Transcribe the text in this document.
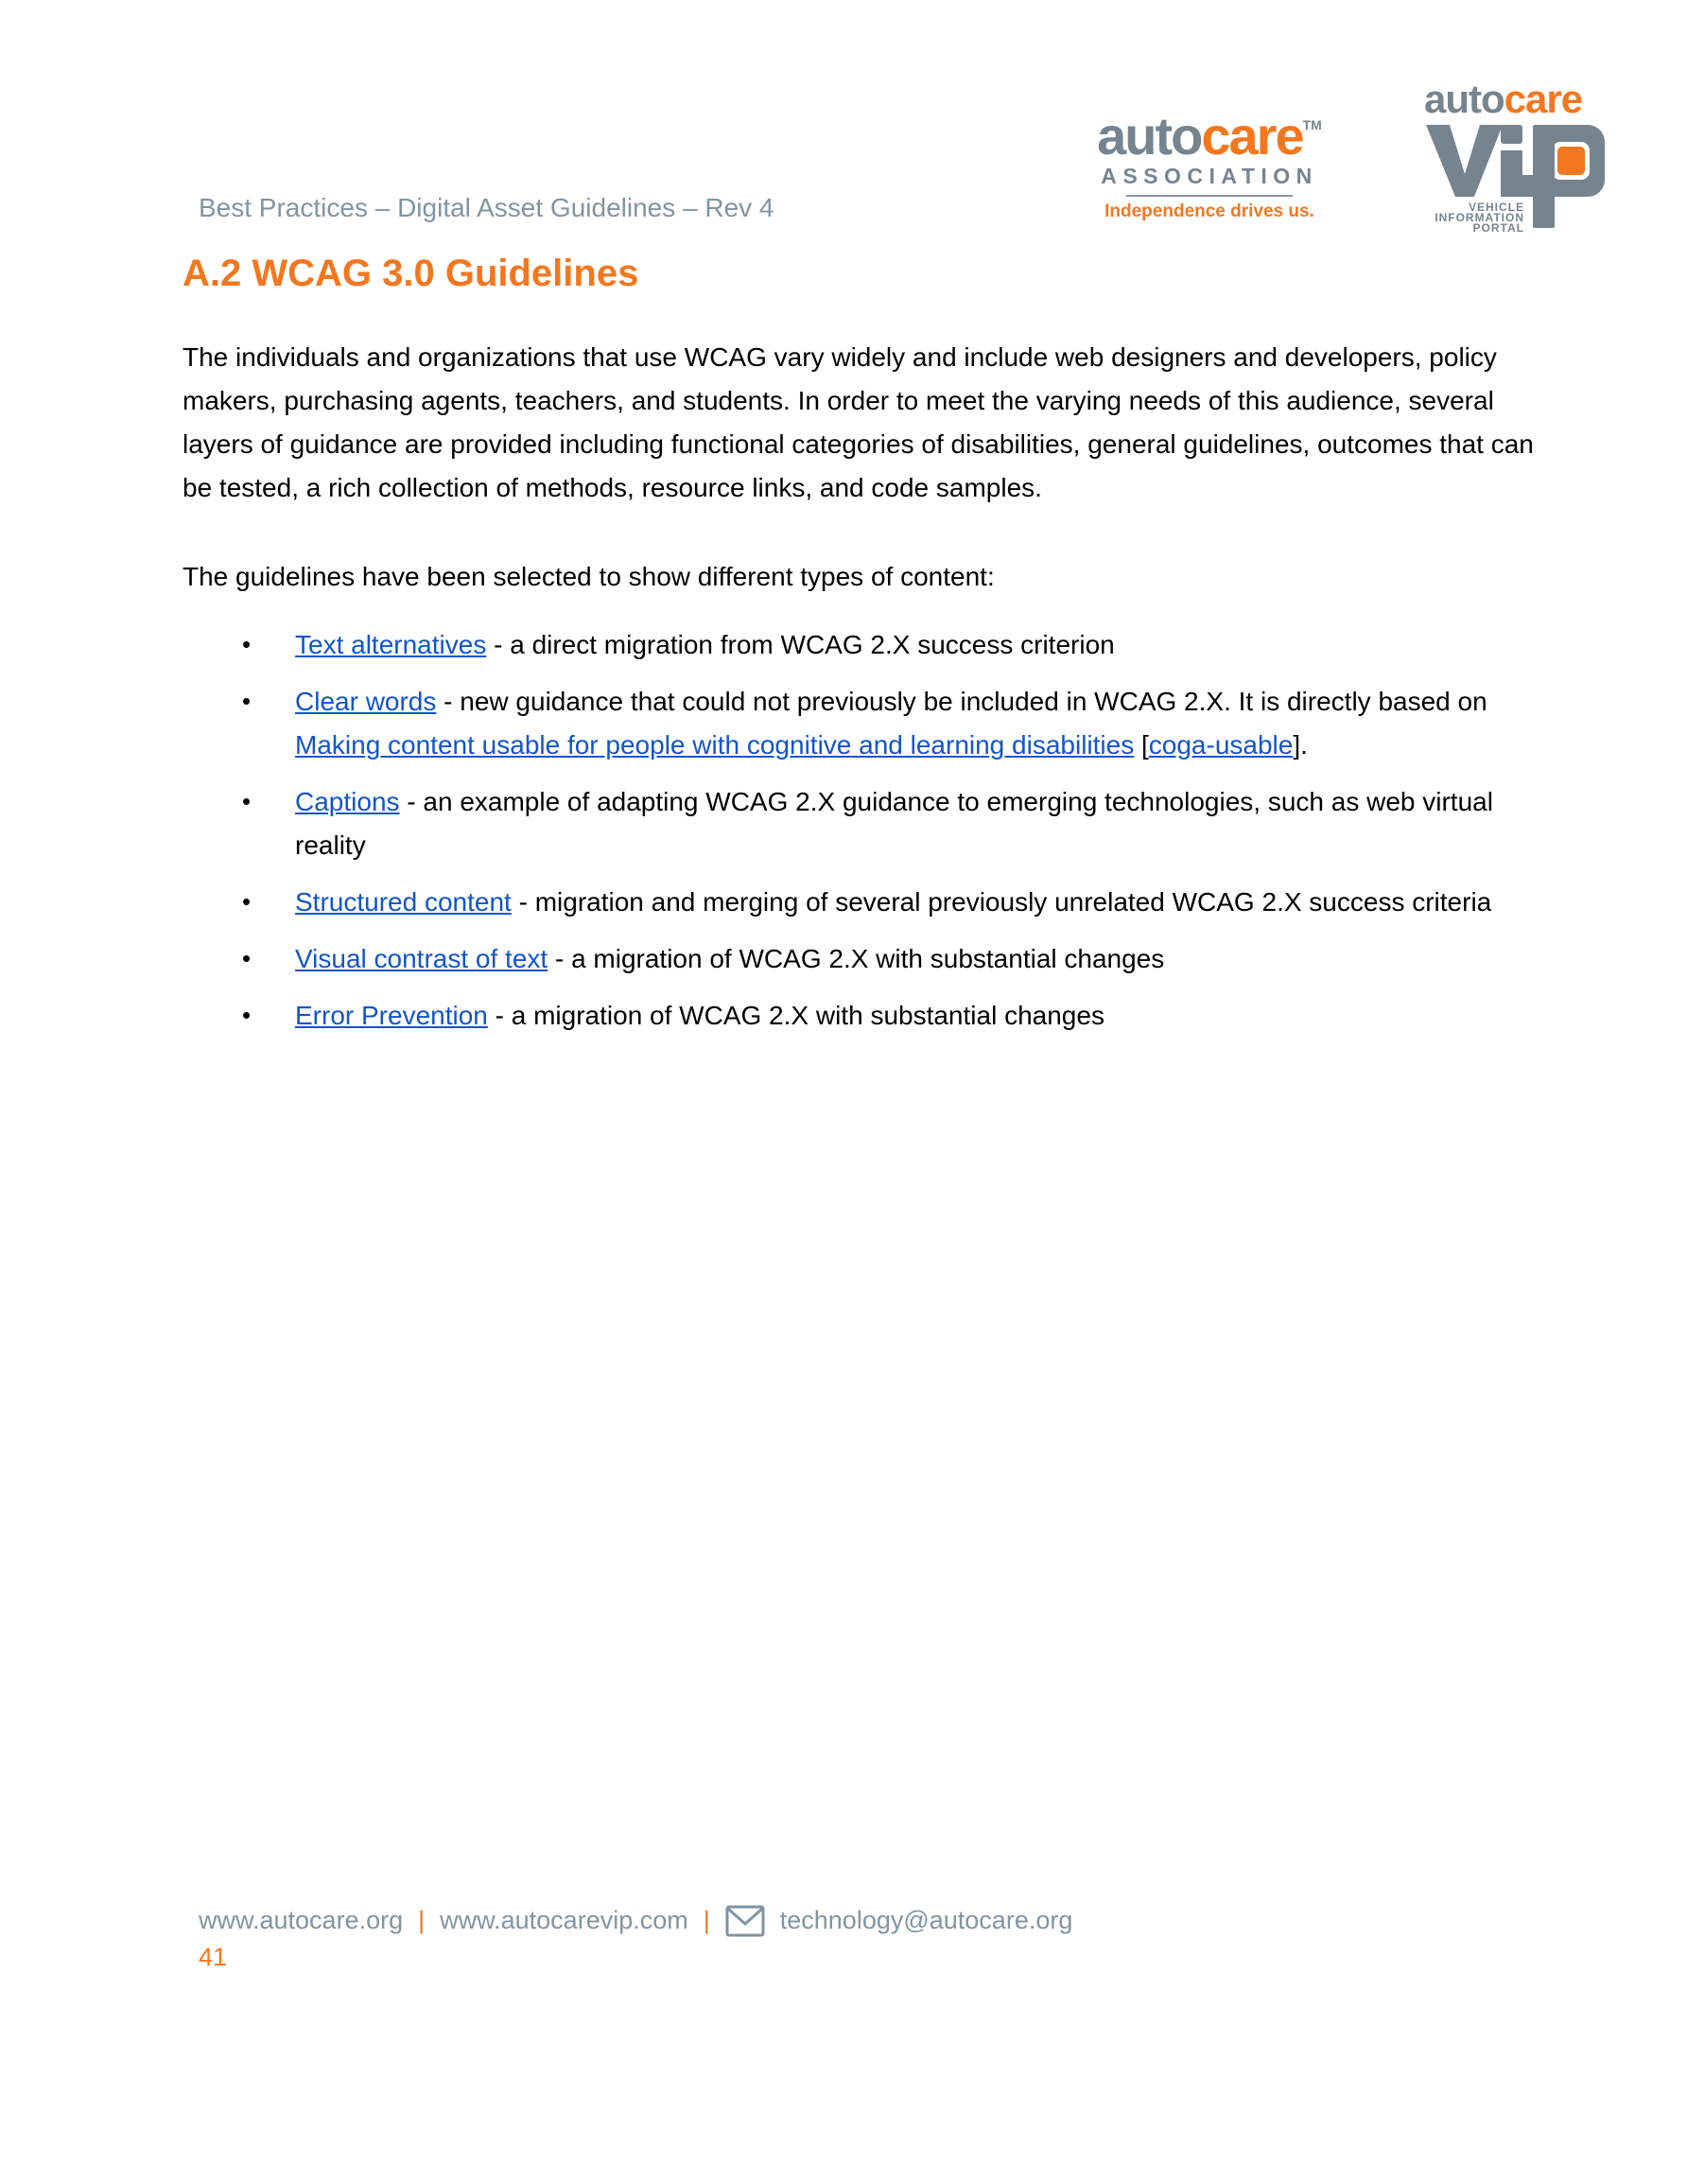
Best Practices – Digital Asset Guidelines – Rev 4
autocare™
ASSOCIATION
Independence drives us.
autocare
VEHICLE
INFORMATION
PORTAL
A.2 WCAG 3.0 Guidelines

The individuals and organizations that use WCAG vary widely and include web designers and developers, policy makers, purchasing agents, teachers, and students. In order to meet the varying needs of this audience, several layers of guidance are provided including functional categories of disabilities, general guidelines, outcomes that can be tested, a rich collection of methods, resource links, and code samples.

The guidelines have been selected to show different types of content:

• Text alternatives - a direct migration from WCAG 2.X success criterion
• Clear words - new guidance that could not previously be included in WCAG 2.X. It is directly based on Making content usable for people with cognitive and learning disabilities [coga-usable].
• Captions - an example of adapting WCAG 2.X guidance to emerging technologies, such as web virtual reality
• Structured content - migration and merging of several previously unrelated WCAG 2.X success criteria
• Visual contrast of text - a migration of WCAG 2.X with substantial changes
• Error Prevention - a migration of WCAG 2.X with substantial changes
www.autocare.org | www.autocarevip.com |	technology@autocare.org
41
